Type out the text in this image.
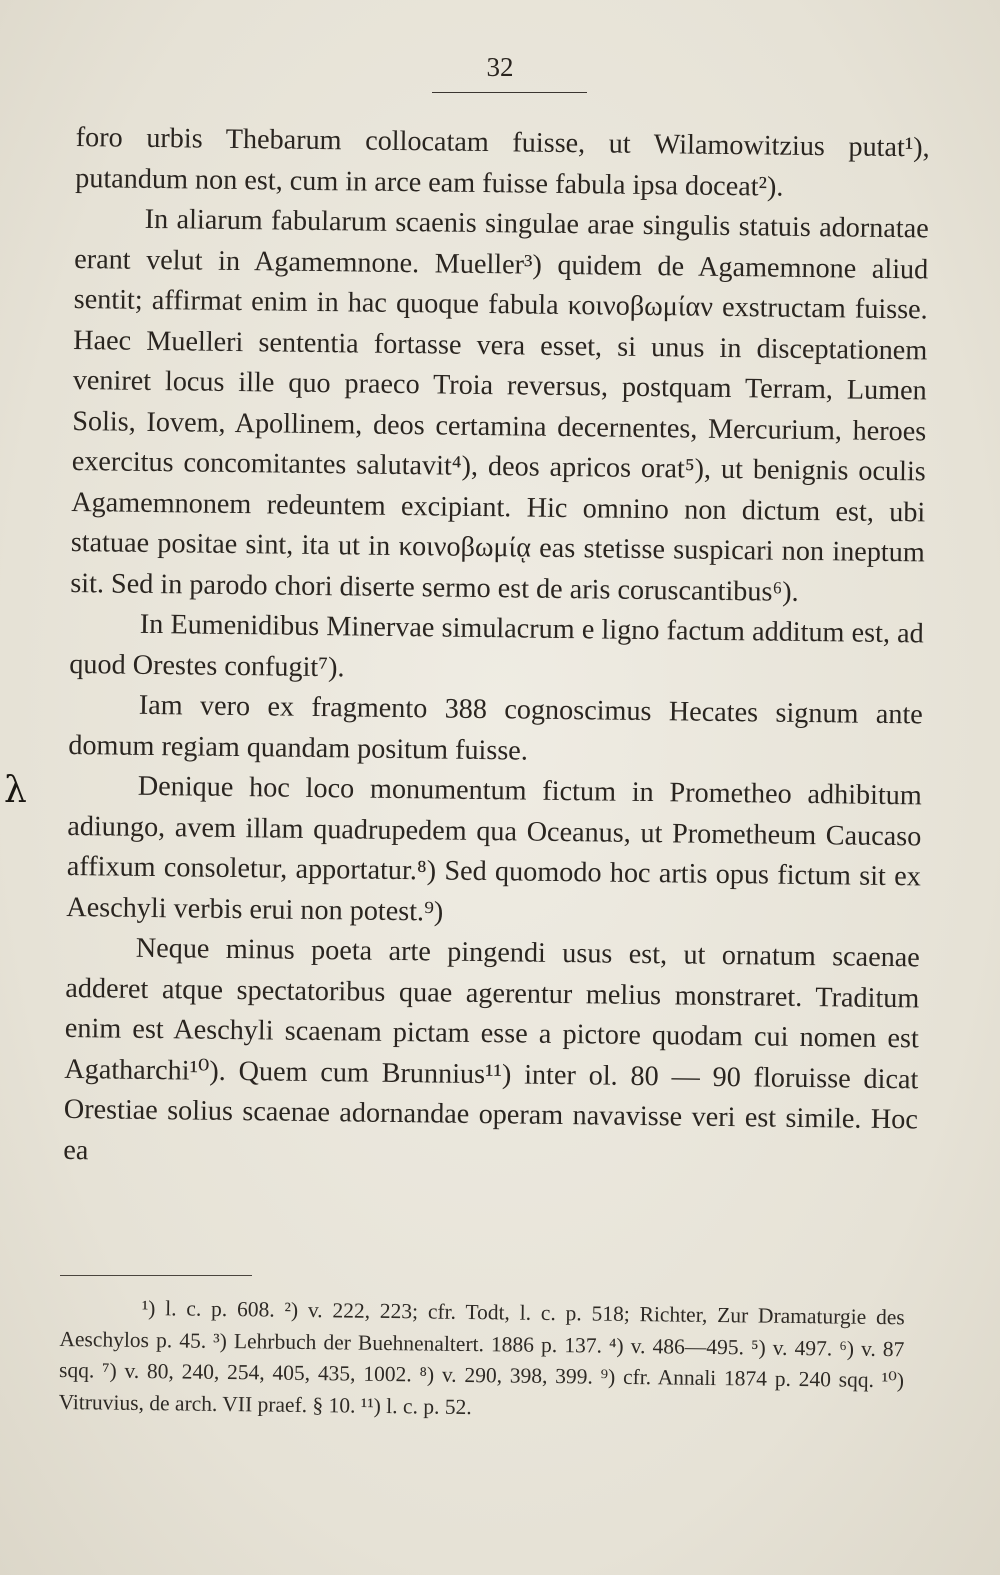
32

foro urbis Thebarum collocatam fuisse, ut Wilamowitzius putat¹), putandum non est, cum in arce eam fuisse fabula ipsa doceat²).

In aliarum fabularum scaenis singulae arae singulis statuis adornatae erant velut in Agamemnone. Mueller³) quidem de Agamemnone aliud sentit; affirmat enim in hac quoque fabula κοινοβωμίαν exstructam fuisse. Haec Muelleri sententia fortasse vera esset, si unus in disceptationem veniret locus ille quo praeco Troia reversus, postquam Terram, Lumen Solis, Iovem, Apollinem, deos certamina decernentes, Mercurium, heroes exercitus concomitantes salutavit⁴), deos apricos orat⁵), ut benignis oculis Agamemnonem redeuntem excipiant. Hic omnino non dictum est, ubi statuae positae sint, ita ut in κοινοβωμίᾳ eas stetisse suspicari non ineptum sit. Sed in parodo chori diserte sermo est de aris coruscantibus⁶).

In Eumenidibus Minervae simulacrum e ligno factum additum est, ad quod Orestes confugit⁷).

Iam vero ex fragmento 388 cognoscimus Hecates signum ante domum regiam quandam positum fuisse.

Denique hoc loco monumentum fictum in Prometheo adhibitum adiungo, avem illam quadrupedem qua Oceanus, ut Prometheum Caucaso affixum consoletur, apportatur.⁸) Sed quomodo hoc artis opus fictum sit ex Aeschyli verbis erui non potest.⁹)

Neque minus poeta arte pingendi usus est, ut ornatum scaenae adderet atque spectatoribus quae agerentur melius monstraret. Traditum enim est Aeschyli scaenam pictam esse a pictore quodam cui nomen est Agatharchi¹⁰). Quem cum Brunnius¹¹) inter ol. 80 — 90 floruisse dicat Orestiae solius scaenae adornandae operam navavisse veri est simile. Hoc ea

λ

¹) l. c. p. 608. ²) v. 222, 223; cfr. Todt, l. c. p. 518; Richter, Zur Dramaturgie des Aeschylos p. 45. ³) Lehrbuch der Buehnenaltert. 1886 p. 137. ⁴) v. 486—495. ⁵) v. 497. ⁶) v. 87 sqq. ⁷) v. 80, 240, 254, 405, 435, 1002. ⁸) v. 290, 398, 399. ⁹) cfr. Annali 1874 p. 240 sqq. ¹⁰) Vitruvius, de arch. VII praef. § 10. ¹¹) l. c. p. 52.
